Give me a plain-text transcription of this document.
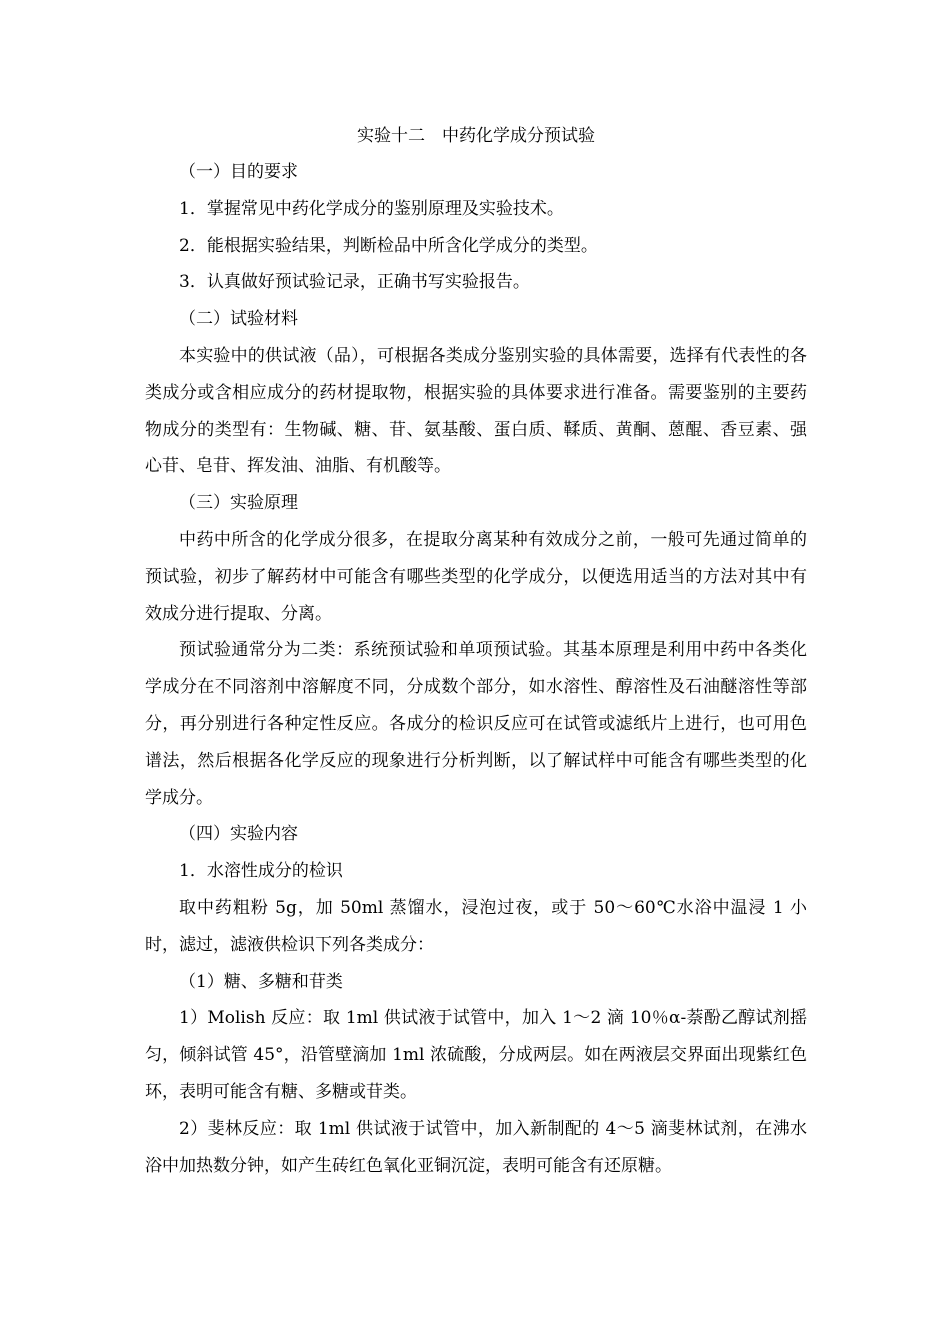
实验十二　中药化学成分预试验

（一）目的要求

1．掌握常见中药化学成分的鉴别原理及实验技术。

2．能根据实验结果，判断检品中所含化学成分的类型。

3．认真做好预试验记录，正确书写实验报告。

（二）试验材料

本实验中的供试液（品），可根据各类成分鉴别实验的具体需要，选择有代表性的各类成分或含相应成分的药材提取物，根据实验的具体要求进行准备。需要鉴别的主要药物成分的类型有：生物碱、糖、苷、氨基酸、蛋白质、鞣质、黄酮、蒽醌、香豆素、强心苷、皂苷、挥发油、油脂、有机酸等。

（三）实验原理

中药中所含的化学成分很多，在提取分离某种有效成分之前，一般可先通过简单的预试验，初步了解药材中可能含有哪些类型的化学成分，以便选用适当的方法对其中有效成分进行提取、分离。

预试验通常分为二类：系统预试验和单项预试验。其基本原理是利用中药中各类化学成分在不同溶剂中溶解度不同，分成数个部分，如水溶性、醇溶性及石油醚溶性等部分，再分别进行各种定性反应。各成分的检识反应可在试管或滤纸片上进行，也可用色谱法，然后根据各化学反应的现象进行分析判断，以了解试样中可能含有哪些类型的化学成分。

（四）实验内容

1．水溶性成分的检识

取中药粗粉 5g，加 50ml 蒸馏水，浸泡过夜，或于 50～60℃水浴中温浸 1 小时，滤过，滤液供检识下列各类成分：

（1）糖、多糖和苷类

1）Molish 反应：取 1ml 供试液于试管中，加入 1～2 滴 10％α-萘酚乙醇试剂摇匀，倾斜试管 45°，沿管壁滴加 1ml 浓硫酸，分成两层。如在两液层交界面出现紫红色环，表明可能含有糖、多糖或苷类。

2）斐林反应：取 1ml 供试液于试管中，加入新制配的 4～5 滴斐林试剂，在沸水浴中加热数分钟，如产生砖红色氧化亚铜沉淀，表明可能含有还原糖。
